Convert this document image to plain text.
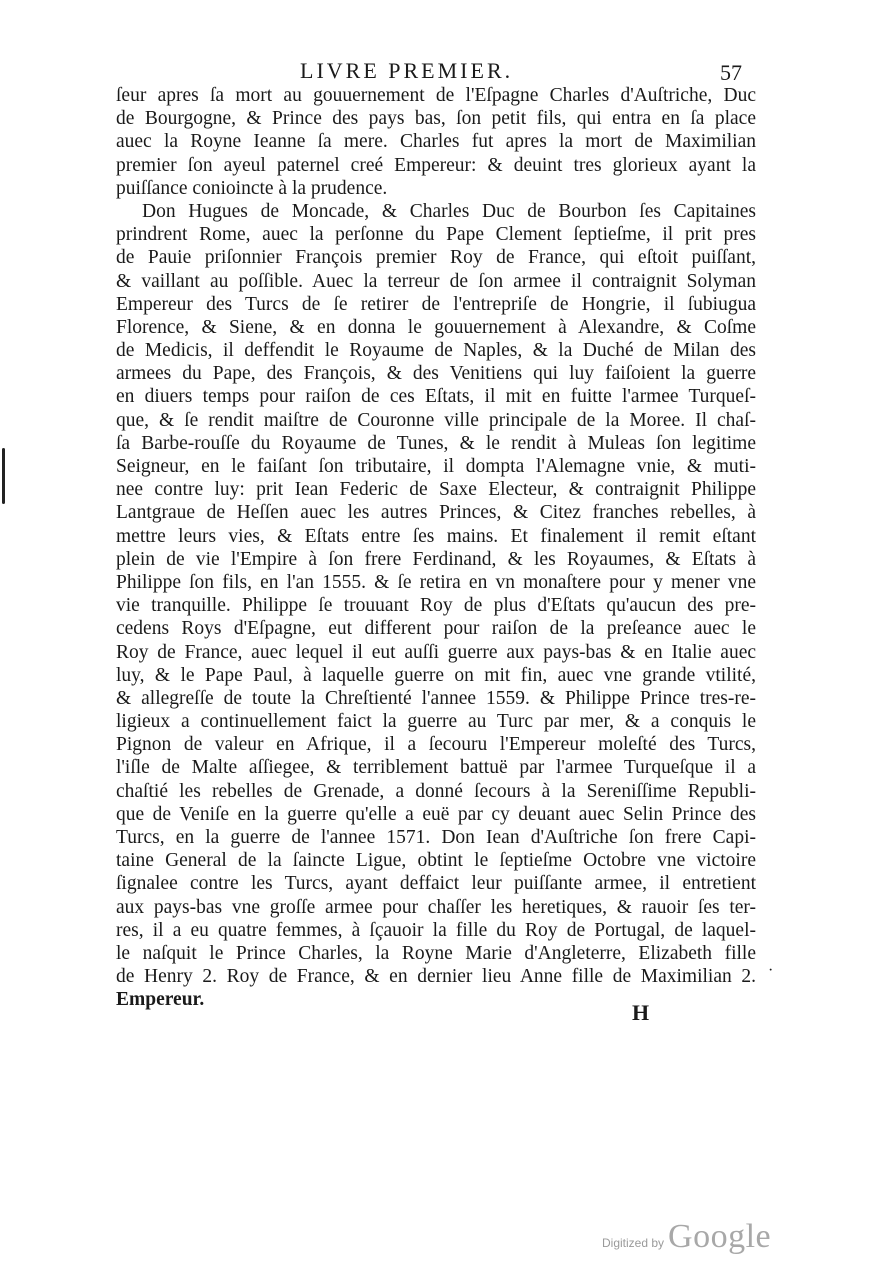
LIVRE PREMIER.	57
ſeur apres ſa mort au gouuernement de l'Eſpagne Charles d'Auſtriche, Duc
de Bourgogne, & Prince des pays bas, ſon petit fils, qui entra en ſa place
auec la Royne Ieanne ſa mere. Charles fut apres la mort de Maximilian
premier ſon ayeul paternel creé Empereur: & deuint tres glorieux ayant la
puiſſance conioincte à la prudence.
Don Hugues de Moncade, & Charles Duc de Bourbon ſes Capitaines
prindrent Rome, auec la perſonne du Pape Clement ſeptieſme, il prit pres
de Pauie priſonnier François premier Roy de France, qui eſtoit puiſſant,
& vaillant au poſſible. Auec la terreur de ſon armee il contraignit Solyman
Empereur des Turcs de ſe retirer de l'entrepriſe de Hongrie, il ſubiugua
Florence, & Siene, & en donna le gouuernement à Alexandre, & Coſme
de Medicis, il deffendit le Royaume de Naples, & la Duché de Milan des
armees du Pape, des François, & des Venitiens qui luy faiſoient la guerre
en diuers temps pour raiſon de ces Eſtats, il mit en fuitte l'armee Turqueſ-
que, & ſe rendit maiſtre de Couronne ville principale de la Moree. Il chaſ-
ſa Barbe-rouſſe du Royaume de Tunes, & le rendit à Muleas ſon legitime
Seigneur, en le faiſant ſon tributaire, il dompta l'Alemagne vnie, & muti-
nee contre luy: prit Iean Federic de Saxe Electeur, & contraignit Philippe
Lantgraue de Heſſen auec les autres Princes, & Citez franches rebelles, à
mettre leurs vies, & Eſtats entre ſes mains. Et finalement il remit eſtant
plein de vie l'Empire à ſon frere Ferdinand, & les Royaumes, & Eſtats à
Philippe ſon fils, en l'an 1555. & ſe retira en vn monaſtere pour y mener vne
vie tranquille. Philippe ſe trouuant Roy de plus d'Eſtats qu'aucun des pre-
cedens Roys d'Eſpagne, eut different pour raiſon de la preſeance auec le
Roy de France, auec lequel il eut auſſi guerre aux pays-bas & en Italie auec
luy, & le Pape Paul, à laquelle guerre on mit fin, auec vne grande vtilité,
& allegreſſe de toute la Chreſtienté l'annee 1559. & Philippe Prince tres-re-
ligieux a continuellement faict la guerre au Turc par mer, & a conquis le
Pignon de valeur en Afrique, il a ſecouru l'Empereur moleſté des Turcs,
l'iſle de Malte aſſiegee, & terriblement battuë par l'armee Turqueſque il a
chaſtié les rebelles de Grenade, a donné ſecours à la Sereniſſime Republi-
que de Veniſe en la guerre qu'elle a euë par cy deuant auec Selin Prince des
Turcs, en la guerre de l'annee 1571. Don Iean d'Auſtriche ſon frere Capi-
taine General de la ſaincte Ligue, obtint le ſeptieſme Octobre vne victoire
ſignalee contre les Turcs, ayant deffaict leur puiſſante armee, il entretient
aux pays-bas vne groſſe armee pour chaſſer les heretiques, & rauoir ſes ter-
res, il a eu quatre femmes, à ſçauoir la fille du Roy de Portugal, de laquel-
le naſquit le Prince Charles, la Royne Marie d'Angleterre, Elizabeth fille
de Henry 2. Roy de France, & en dernier lieu Anne fille de Maximilian 2.
Empereur.
·
H
Digitized by Google
